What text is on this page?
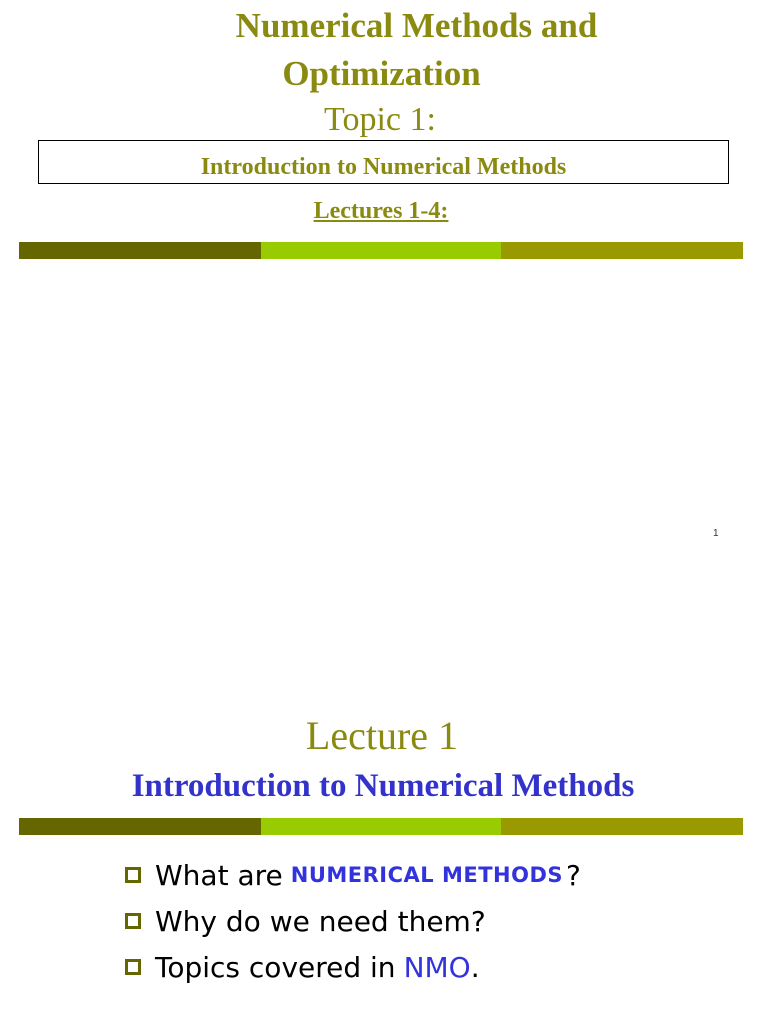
Numerical Methods and
Optimization
Topic 1:
Introduction to Numerical Methods
Lectures 1-4:
1
Lecture 1
Introduction to Numerical Methods
What are NUMERICAL METHODS ?
Why do we need them?
Topics covered in NMO .
